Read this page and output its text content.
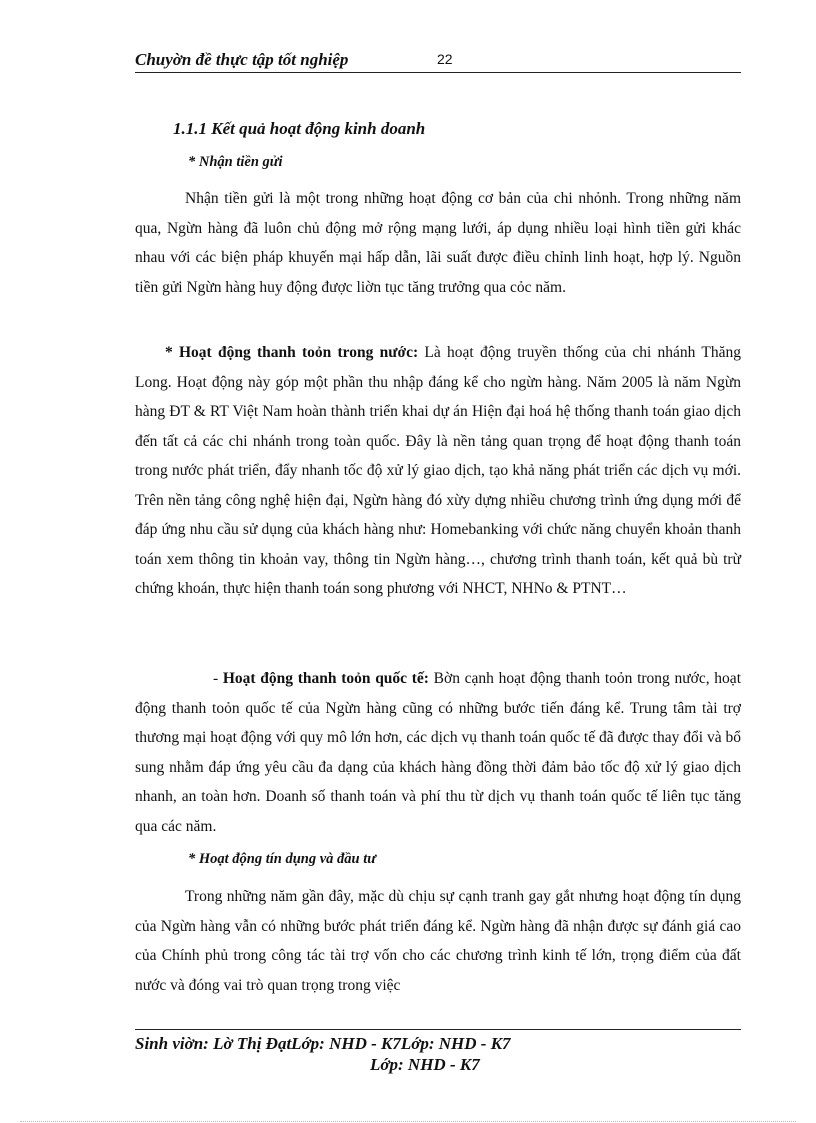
Chuyờn đề thực tập tốt nghiệp	22
1.1.1 Kết quả hoạt động kinh doanh
* Nhận tiền gửi

Nhận tiền gửi là một trong những hoạt động cơ bản của chi nhỏnh. Trong những năm qua, Ngừn hàng đã luôn chủ động mở rộng mạng lưới, áp dụng nhiều loại hình tiền gửi khác nhau với các biện pháp khuyến mại hấp dẫn, lãi suất được điều chỉnh linh hoạt, hợp lý. Nguồn tiền gửi Ngừn hàng huy động được liờn tục tăng trưởng qua cỏc năm.

* Hoạt động thanh toỏn trong nước: Là hoạt động truyền thống của chi nhánh Thăng Long. Hoạt động này góp một phần thu nhập đáng kể cho ngừn hàng. Năm 2005 là năm Ngừn hàng ĐT & RT Việt Nam hoàn thành triển khai dự án Hiện đại hoá hệ thống thanh toán giao dịch đến tất cả các chi nhánh trong toàn quốc. Đây là nền tảng quan trọng để hoạt động thanh toán trong nước phát triển, đẩy nhanh tốc độ xử lý giao dịch, tạo khả năng phát triển các dịch vụ mới. Trên nền tảng công nghệ hiện đại, Ngừn hàng đó xừy dựng nhiều chương trình ứng dụng mới để đáp ứng nhu cầu sử dụng của khách hàng như: Homebanking với chức năng chuyển khoản thanh toán xem thông tin khoản vay, thông tin Ngừn hàng…, chương trình thanh toán, kết quả bù trừ chứng khoán, thực hiện thanh toán song phương với NHCT, NHNo & PTNT…

- Hoạt động thanh toỏn quốc tế: Bờn cạnh hoạt động thanh toỏn trong nước, hoạt động thanh toỏn quốc tế của Ngừn hàng cũng có những bước tiến đáng kể. Trung tâm tài trợ thương mại hoạt động với quy mô lớn hơn, các dịch vụ thanh toán quốc tế đã được thay đổi và bổ sung nhằm đáp ứng yêu cầu đa dạng của khách hàng đồng thời đảm bảo tốc độ xử lý giao dịch nhanh, an toàn hơn. Doanh số thanh toán và phí thu từ dịch vụ thanh toán quốc tế liên tục tăng qua các năm.

* Hoạt động tín dụng và đầu tư

Trong những năm gần đây, mặc dù chịu sự cạnh tranh gay gắt nhưng hoạt động tín dụng của Ngừn hàng vẫn có những bước phát triển đáng kể. Ngừn hàng đã nhận được sự đánh giá cao của Chính phủ trong công tác tài trợ vốn cho các chương trình kinh tế lớn, trọng điểm của đất nước và đóng vai trò quan trọng trong việc

Sinh viờn: Lờ Thị ĐạtLớp: NHD - K7Lớp: NHD - K7
Lớp: NHD - K7
